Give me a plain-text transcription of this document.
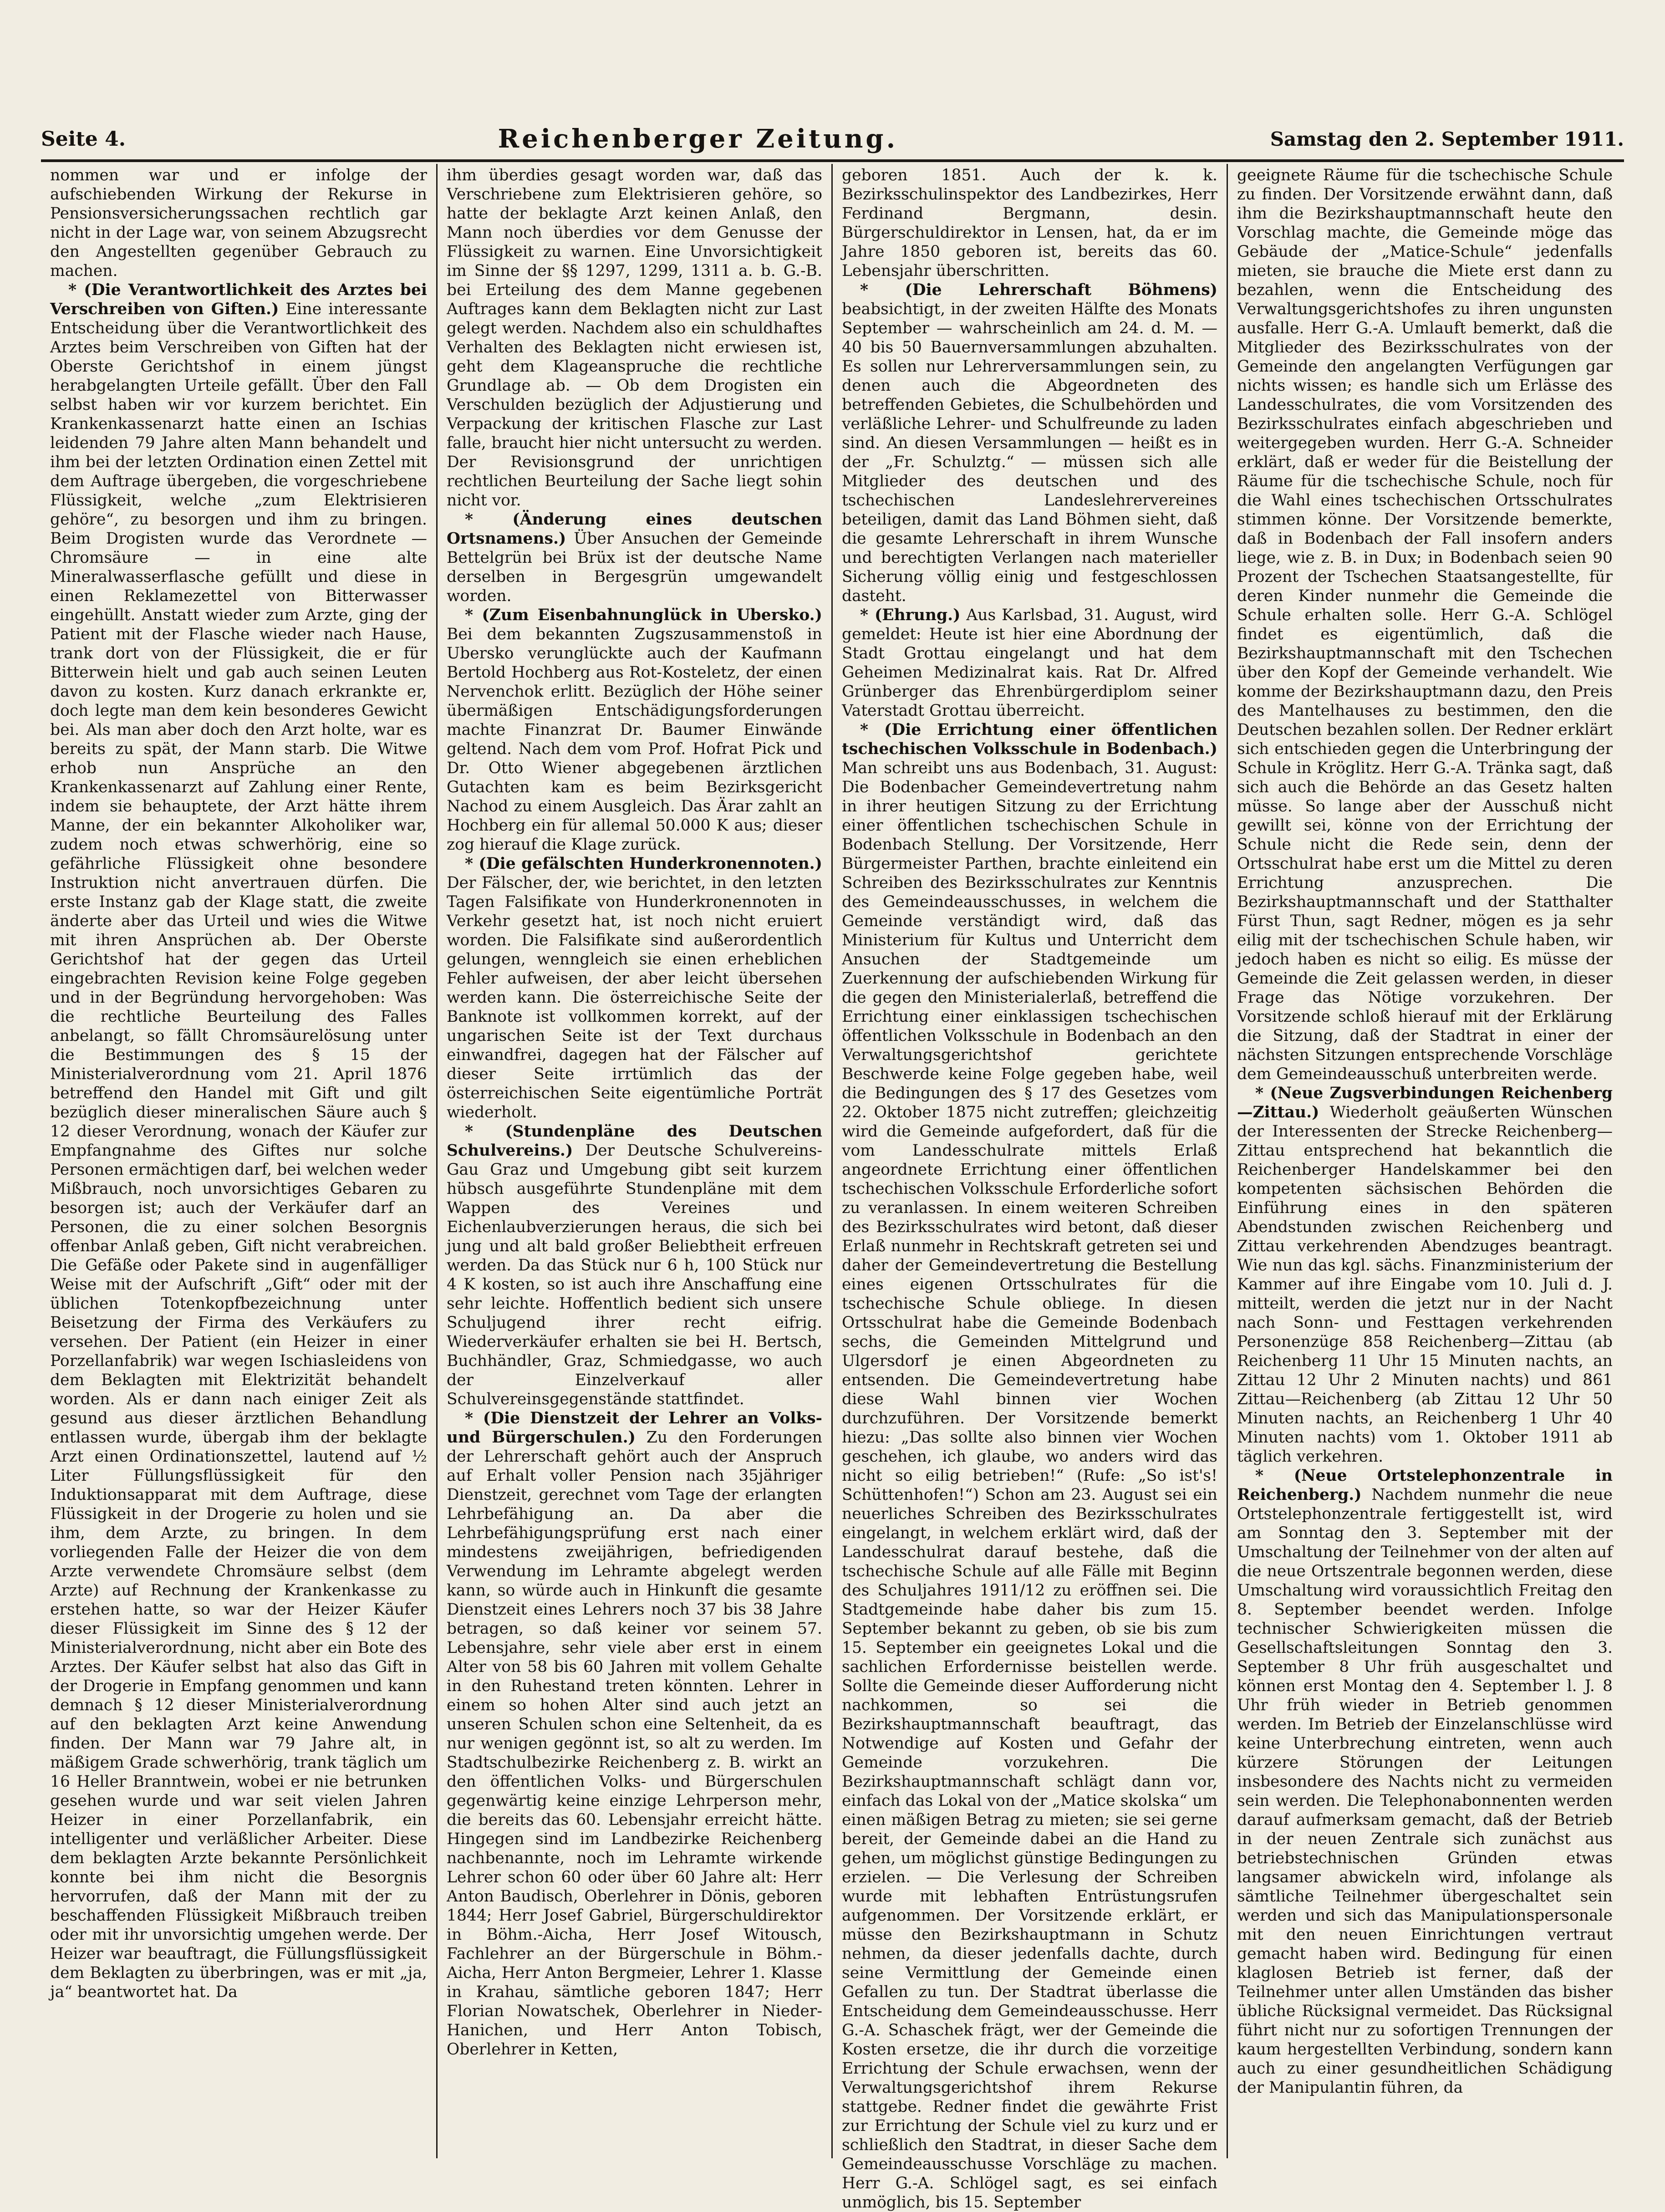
Seite 4.	Reichenberger Zeitung.	Samstag den 2. September 1911.

nommen war und er infolge der aufschiebenden Wirkung der Rekurse in Pensionsversicherungssachen rechtlich gar nicht in der Lage war, von seinem Abzugsrecht den Angestellten gegenüber Gebrauch zu machen.

* (Die Verantwortlichkeit des Arztes bei Verschreiben von Giften.) Eine interessante Entscheidung über die Verantwortlichkeit des Arztes beim Verschreiben von Giften hat der Oberste Gerichtshof in einem jüngst herabgelangten Urteile gefällt. Über den Fall selbst haben wir vor kurzem berichtet. Ein Krankenkassenarzt hatte einen an Ischias leidenden 79 Jahre alten Mann behandelt und ihm bei der letzten Ordination einen Zettel mit dem Auftrage übergeben, die vorgeschriebene Flüssigkeit, welche „zum Elektrisieren gehöre“, zu besorgen und ihm zu bringen. Beim Drogisten wurde das Verordnete — Chromsäure — in eine alte Mineralwasserflasche gefüllt und diese in einen Reklamezettel von Bitterwasser eingehüllt. Anstatt wieder zum Arzte, ging der Patient mit der Flasche wieder nach Hause, trank dort von der Flüssigkeit, die er für Bitterwein hielt und gab auch seinen Leuten davon zu kosten. Kurz danach erkrankte er, doch legte man dem kein besonderes Gewicht bei. Als man aber doch den Arzt holte, war es bereits zu spät, der Mann starb. Die Witwe erhob nun Ansprüche an den Krankenkassenarzt auf Zahlung einer Rente, indem sie behauptete, der Arzt hätte ihrem Manne, der ein bekannter Alkoholiker war, zudem noch etwas schwerhörig, eine so gefährliche Flüssigkeit ohne besondere Instruktion nicht anvertrauen dürfen. Die erste Instanz gab der Klage statt, die zweite änderte aber das Urteil und wies die Witwe mit ihren Ansprüchen ab. Der Oberste Gerichtshof hat der gegen das Urteil eingebrachten Revision keine Folge gegeben und in der Begründung hervorgehoben: Was die rechtliche Beurteilung des Falles anbelangt, so fällt Chromsäurelösung unter die Bestimmungen des § 15 der Ministerialverordnung vom 21. April 1876 betreffend den Handel mit Gift und gilt bezüglich dieser mineralischen Säure auch § 12 dieser Verordnung, wonach der Käufer zur Empfangnahme des Giftes nur solche Personen ermächtigen darf, bei welchen weder Mißbrauch, noch unvorsichtiges Gebaren zu besorgen ist; auch der Verkäufer darf an Personen, die zu einer solchen Besorgnis offenbar Anlaß geben, Gift nicht verabreichen. Die Gefäße oder Pakete sind in augenfälliger Weise mit der Aufschrift „Gift“ oder mit der üblichen Totenkopfbezeichnung unter Beisetzung der Firma des Verkäufers zu versehen. Der Patient (ein Heizer in einer Porzellanfabrik) war wegen Ischiasleidens von dem Beklagten mit Elektrizität behandelt worden. Als er dann nach einiger Zeit als gesund aus dieser ärztlichen Behandlung entlassen wurde, übergab ihm der beklagte Arzt einen Ordinationszettel, lautend auf ½ Liter Füllungsflüssigkeit für den Induktionsapparat mit dem Auftrage, diese Flüssigkeit in der Drogerie zu holen und sie ihm, dem Arzte, zu bringen. In dem vorliegenden Falle der Heizer die von dem Arzte verwendete Chromsäure selbst (dem Arzte) auf Rechnung der Krankenkasse zu erstehen hatte, so war der Heizer Käufer dieser Flüssigkeit im Sinne des § 12 der Ministerialverordnung, nicht aber ein Bote des Arztes. Der Käufer selbst hat also das Gift in der Drogerie in Empfang genommen und kann demnach § 12 dieser Ministerialverordnung auf den beklagten Arzt keine Anwendung finden. Der Mann war 79 Jahre alt, in mäßigem Grade schwerhörig, trank täglich um 16 Heller Branntwein, wobei er nie betrunken gesehen wurde und war seit vielen Jahren Heizer in einer Porzellanfabrik, ein intelligenter und verläßlicher Arbeiter. Diese dem beklagten Arzte bekannte Persönlichkeit konnte bei ihm nicht die Besorgnis hervorrufen, daß der Mann mit der zu beschaffenden Flüssigkeit Mißbrauch treiben oder mit ihr unvorsichtig umgehen werde. Der Heizer war beauftragt, die Füllungsflüssigkeit dem Beklagten zu überbringen, was er mit „ja, ja“ beantwortet hat. Da

ihm überdies gesagt worden war, daß das Verschriebene zum Elektrisieren gehöre, so hatte der beklagte Arzt keinen Anlaß, den Mann noch überdies vor dem Genusse der Flüssigkeit zu warnen. Eine Unvorsichtigkeit im Sinne der §§ 1297, 1299, 1311 a. b. G.-B. bei Erteilung des dem Manne gegebenen Auftrages kann dem Beklagten nicht zur Last gelegt werden. Nachdem also ein schuldhaftes Verhalten des Beklagten nicht erwiesen ist, geht dem Klageanspruche die rechtliche Grundlage ab. — Ob dem Drogisten ein Verschulden bezüglich der Adjustierung und Verpackung der kritischen Flasche zur Last falle, braucht hier nicht untersucht zu werden. Der Revisionsgrund der unrichtigen rechtlichen Beurteilung der Sache liegt sohin nicht vor.

* (Änderung eines deutschen Ortsnamens.) Über Ansuchen der Gemeinde Bettelgrün bei Brüx ist der deutsche Name derselben in Bergesgrün umgewandelt worden.

* (Zum Eisenbahnunglück in Ubersko.) Bei dem bekannten Zugszusammenstoß in Ubersko verunglückte auch der Kaufmann Bertold Hochberg aus Rot-Kosteletz, der einen Nervenchok erlitt. Bezüglich der Höhe seiner übermäßigen Entschädigungsforderungen machte Finanzrat Dr. Baumer Einwände geltend. Nach dem vom Prof. Hofrat Pick und Dr. Otto Wiener abgegebenen ärztlichen Gutachten kam es beim Bezirksgericht Nachod zu einem Ausgleich. Das Ärar zahlt an Hochberg ein für allemal 50.000 K aus; dieser zog hierauf die Klage zurück.

* (Die gefälschten Hunderkronennoten.) Der Fälscher, der, wie berichtet, in den letzten Tagen Falsifikate von Hunderkronennoten in Verkehr gesetzt hat, ist noch nicht eruiert worden. Die Falsifikate sind außerordentlich gelungen, wenngleich sie einen erheblichen Fehler aufweisen, der aber leicht übersehen werden kann. Die österreichische Seite der Banknote ist vollkommen korrekt, auf der ungarischen Seite ist der Text durchaus einwandfrei, dagegen hat der Fälscher auf dieser Seite irrtümlich das der österreichischen Seite eigentümliche Porträt wiederholt.

* (Stundenpläne des Deutschen Schulvereins.) Der Deutsche Schulvereins-Gau Graz und Umgebung gibt seit kurzem hübsch ausgeführte Stundenpläne mit dem Wappen des Vereines und Eichenlaubverzierungen heraus, die sich bei jung und alt bald großer Beliebtheit erfreuen werden. Da das Stück nur 6 h, 100 Stück nur 4 K kosten, so ist auch ihre Anschaffung eine sehr leichte. Hoffentlich bedient sich unsere Schuljugend ihrer recht eifrig. Wiederverkäufer erhalten sie bei H. Bertsch, Buchhändler, Graz, Schmiedgasse, wo auch der Einzelverkauf aller Schulvereinsgegenstände stattfindet.

* (Die Dienstzeit der Lehrer an Volks- und Bürgerschulen.) Zu den Forderungen der Lehrerschaft gehört auch der Anspruch auf Erhalt voller Pension nach 35jähriger Dienstzeit, gerechnet vom Tage der erlangten Lehrbefähigung an. Da aber die Lehrbefähigungsprüfung erst nach einer mindestens zweijährigen, befriedigenden Verwendung im Lehramte abgelegt werden kann, so würde auch in Hinkunft die gesamte Dienstzeit eines Lehrers noch 37 bis 38 Jahre betragen, so daß keiner vor seinem 57. Lebensjahre, sehr viele aber erst in einem Alter von 58 bis 60 Jahren mit vollem Gehalte in den Ruhestand treten könnten. Lehrer in einem so hohen Alter sind auch jetzt an unseren Schulen schon eine Seltenheit, da es nur wenigen gegönnt ist, so alt zu werden. Im Stadtschulbezirke Reichenberg z. B. wirkt an den öffentlichen Volks- und Bürgerschulen gegenwärtig keine einzige Lehrperson mehr, die bereits das 60. Lebensjahr erreicht hätte. Hingegen sind im Landbezirke Reichenberg nachbenannte, noch im Lehramte wirkende Lehrer schon 60 oder über 60 Jahre alt: Herr Anton Baudisch, Oberlehrer in Dönis, geboren 1844; Herr Josef Gabriel, Bürgerschuldirektor in Böhm.-Aicha, Herr Josef Witousch, Fachlehrer an der Bürgerschule in Böhm.-Aicha, Herr Anton Bergmeier, Lehrer 1. Klasse in Krahau, sämtliche geboren 1847; Herr Florian Nowatschek, Oberlehrer in Nieder-Hanichen, und Herr Anton Tobisch, Oberlehrer in Ketten,

geboren 1851. Auch der k. k. Bezirksschulinspektor des Landbezirkes, Herr Ferdinand Bergmann, desin. Bürgerschuldirektor in Lensen, hat, da er im Jahre 1850 geboren ist, bereits das 60. Lebensjahr überschritten.

* (Die Lehrerschaft Böhmens) beabsichtigt, in der zweiten Hälfte des Monats September — wahrscheinlich am 24. d. M. — 40 bis 50 Bauernversammlungen abzuhalten. Es sollen nur Lehrerversammlungen sein, zu denen auch die Abgeordneten des betreffenden Gebietes, die Schulbehörden und verläßliche Lehrer- und Schulfreunde zu laden sind. An diesen Versammlungen — heißt es in der „Fr. Schulztg.“ — müssen sich alle Mitglieder des deutschen und des tschechischen Landeslehrervereines beteiligen, damit das Land Böhmen sieht, daß die gesamte Lehrerschaft in ihrem Wunsche und berechtigten Verlangen nach materieller Sicherung völlig einig und festgeschlossen dasteht.

* (Ehrung.) Aus Karlsbad, 31. August, wird gemeldet: Heute ist hier eine Abordnung der Stadt Grottau eingelangt und hat dem Geheimen Medizinalrat kais. Rat Dr. Alfred Grünberger das Ehrenbürgerdiplom seiner Vaterstadt Grottau überreicht.

* (Die Errichtung einer öffentlichen tschechischen Volksschule in Bodenbach.) Man schreibt uns aus Bodenbach, 31. August: Die Bodenbacher Gemeindevertretung nahm in ihrer heutigen Sitzung zu der Errichtung einer öffentlichen tschechischen Schule in Bodenbach Stellung. Der Vorsitzende, Herr Bürgermeister Parthen, brachte einleitend ein Schreiben des Bezirksschulrates zur Kenntnis des Gemeindeausschusses, in welchem die Gemeinde verständigt wird, daß das Ministerium für Kultus und Unterricht dem Ansuchen der Stadtgemeinde um Zuerkennung der aufschiebenden Wirkung für die gegen den Ministerialerlaß, betreffend die Errichtung einer einklassigen tschechischen öffentlichen Volksschule in Bodenbach an den Verwaltungsgerichtshof gerichtete Beschwerde keine Folge gegeben habe, weil die Bedingungen des § 17 des Gesetzes vom 22. Oktober 1875 nicht zutreffen; gleichzeitig wird die Gemeinde aufgefordert, daß für die vom Landesschulrate mittels Erlaß angeordnete Errichtung einer öffentlichen tschechischen Volksschule Erforderliche sofort zu veranlassen. In einem weiteren Schreiben des Bezirksschulrates wird betont, daß dieser Erlaß nunmehr in Rechtskraft getreten sei und daher der Gemeindevertretung die Bestellung eines eigenen Ortsschulrates für die tschechische Schule obliege. In diesen Ortsschulrat habe die Gemeinde Bodenbach sechs, die Gemeinden Mittelgrund und Ulgersdorf je einen Abgeordneten zu entsenden. Die Gemeindevertretung habe diese Wahl binnen vier Wochen durchzuführen. Der Vorsitzende bemerkt hiezu: „Das sollte also binnen vier Wochen geschehen, ich glaube, wo anders wird das nicht so eilig betrieben!“ (Rufe: „So ist's! Schüttenhofen!“) Schon am 23. August sei ein neuerliches Schreiben des Bezirksschulrates eingelangt, in welchem erklärt wird, daß der Landesschulrat darauf bestehe, daß die tschechische Schule auf alle Fälle mit Beginn des Schuljahres 1911/12 zu eröffnen sei. Die Stadtgemeinde habe daher bis zum 15. September bekannt zu geben, ob sie bis zum 15. September ein geeignetes Lokal und die sachlichen Erfordernisse beistellen werde. Sollte die Gemeinde dieser Aufforderung nicht nachkommen, so sei die Bezirkshauptmannschaft beauftragt, das Notwendige auf Kosten und Gefahr der Gemeinde vorzukehren. Die Bezirkshauptmannschaft schlägt dann vor, einfach das Lokal von der „Matice skolska“ um einen mäßigen Betrag zu mieten; sie sei gerne bereit, der Gemeinde dabei an die Hand zu gehen, um möglichst günstige Bedingungen zu erzielen. — Die Verlesung der Schreiben wurde mit lebhaften Entrüstungsrufen aufgenommen. Der Vorsitzende erklärt, er müsse den Bezirkshauptmann in Schutz nehmen, da dieser jedenfalls dachte, durch seine Vermittlung der Gemeinde einen Gefallen zu tun. Der Stadtrat überlasse die Entscheidung dem Gemeindeausschusse. Herr G.-A. Schaschek frägt, wer der Gemeinde die Kosten ersetze, die ihr durch die vorzeitige Errichtung der Schule erwachsen, wenn der Verwaltungsgerichtshof ihrem Rekurse stattgebe. Redner findet die gewährte Frist zur Errichtung der Schule viel zu kurz und er schließlich den Stadtrat, in dieser Sache dem Gemeindeausschusse Vorschläge zu machen. Herr G.-A. Schlögel sagt, es sei einfach unmöglich, bis 15. September

geeignete Räume für die tschechische Schule zu finden. Der Vorsitzende erwähnt dann, daß ihm die Bezirkshauptmannschaft heute den Vorschlag machte, die Gemeinde möge das Gebäude der „Matice-Schule“ jedenfalls mieten, sie brauche die Miete erst dann zu bezahlen, wenn die Entscheidung des Verwaltungsgerichtshofes zu ihren ungunsten ausfalle. Herr G.-A. Umlauft bemerkt, daß die Mitglieder des Bezirksschulrates von der Gemeinde den angelangten Verfügungen gar nichts wissen; es handle sich um Erlässe des Landesschulrates, die vom Vorsitzenden des Bezirksschulrates einfach abgeschrieben und weitergegeben wurden. Herr G.-A. Schneider erklärt, daß er weder für die Beistellung der Räume für die tschechische Schule, noch für die Wahl eines tschechischen Ortsschulrates stimmen könne. Der Vorsitzende bemerkte, daß in Bodenbach der Fall insofern anders liege, wie z. B. in Dux; in Bodenbach seien 90 Prozent der Tschechen Staatsangestellte, für deren Kinder nunmehr die Gemeinde die Schule erhalten solle. Herr G.-A. Schlögel findet es eigentümlich, daß die Bezirkshauptmannschaft mit den Tschechen über den Kopf der Gemeinde verhandelt. Wie komme der Bezirkshauptmann dazu, den Preis des Mantelhauses zu bestimmen, den die Deutschen bezahlen sollen. Der Redner erklärt sich entschieden gegen die Unterbringung der Schule in Kröglitz. Herr G.-A. Tränka sagt, daß sich auch die Behörde an das Gesetz halten müsse. So lange aber der Ausschuß nicht gewillt sei, könne von der Errichtung der Schule nicht die Rede sein, denn der Ortsschulrat habe erst um die Mittel zu deren Errichtung anzusprechen. Die Bezirkshauptmannschaft und der Statthalter Fürst Thun, sagt Redner, mögen es ja sehr eilig mit der tschechischen Schule haben, wir jedoch haben es nicht so eilig. Es müsse der Gemeinde die Zeit gelassen werden, in dieser Frage das Nötige vorzukehren. Der Vorsitzende schloß hierauf mit der Erklärung die Sitzung, daß der Stadtrat in einer der nächsten Sitzungen entsprechende Vorschläge dem Gemeindeausschuß unterbreiten werde.

* (Neue Zugsverbindungen Reichenberg—Zittau.) Wiederholt geäußerten Wünschen der Interessenten der Strecke Reichenberg—Zittau entsprechend hat bekanntlich die Reichenberger Handelskammer bei den kompetenten sächsischen Behörden die Einführung eines in den späteren Abendstunden zwischen Reichenberg und Zittau verkehrenden Abendzuges beantragt. Wie nun das kgl. sächs. Finanzministerium der Kammer auf ihre Eingabe vom 10. Juli d. J. mitteilt, werden die jetzt nur in der Nacht nach Sonn- und Festtagen verkehrenden Personenzüge 858 Reichenberg—Zittau (ab Reichenberg 11 Uhr 15 Minuten nachts, an Zittau 12 Uhr 2 Minuten nachts) und 861 Zittau—Reichenberg (ab Zittau 12 Uhr 50 Minuten nachts, an Reichenberg 1 Uhr 40 Minuten nachts) vom 1. Oktober 1911 ab täglich verkehren.

* (Neue Ortstelephonzentrale in Reichenberg.) Nachdem nunmehr die neue Ortstelephonzentrale fertiggestellt ist, wird am Sonntag den 3. September mit der Umschaltung der Teilnehmer von der alten auf die neue Ortszentrale begonnen werden, diese Umschaltung wird voraussichtlich Freitag den 8. September beendet werden. Infolge technischer Schwierigkeiten müssen die Gesellschaftsleitungen Sonntag den 3. September 8 Uhr früh ausgeschaltet und können erst Montag den 4. September l. J. 8 Uhr früh wieder in Betrieb genommen werden. Im Betrieb der Einzelanschlüsse wird keine Unterbrechung eintreten, wenn auch kürzere Störungen der Leitungen insbesondere des Nachts nicht zu vermeiden sein werden. Die Telephonabonnenten werden darauf aufmerksam gemacht, daß der Betrieb in der neuen Zentrale sich zunächst aus betriebstechnischen Gründen etwas langsamer abwickeln wird, infolange als sämtliche Teilnehmer übergeschaltet sein werden und sich das Manipulationspersonale mit den neuen Einrichtungen vertraut gemacht haben wird. Bedingung für einen klaglosen Betrieb ist ferner, daß der Teilnehmer unter allen Umständen das bisher übliche Rücksignal vermeidet. Das Rücksignal führt nicht nur zu sofortigen Trennungen der kaum hergestellten Verbindung, sondern kann auch zu einer gesundheitlichen Schädigung der Manipulantin führen, da
